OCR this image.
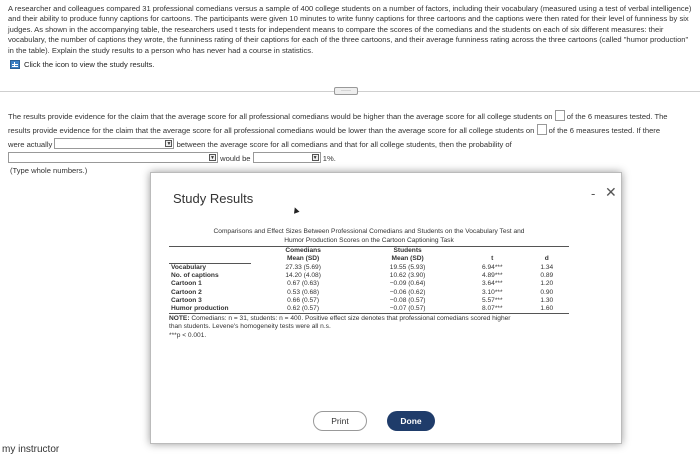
A researcher and colleagues compared 31 professional comedians versus a sample of 400 college students on a number of factors, including their vocabulary (measured using a test of verbal intelligence) and their ability to produce funny captions for cartoons. The participants were given 10 minutes to write funny captions for three cartoons and the captions were then rated for their level of funniness by six judges. As shown in the accompanying table, the researchers used t tests for independent means to compare the scores of the comedians and the students on each of six different measures: their vocabulary, the number of captions they wrote, the funniness rating of their captions for each of the three cartoons, and their average funniness rating across the three cartoons (called "humor production" in the table). Explain the study results to a person who has never had a course in statistics.
Click the icon to view the study results.
·····
The results provide evidence for the claim that the average score for all professional comedians would be higher than the average score for all college students on of the 6 measures tested. The
results provide evidence for the claim that the average score for all professional comedians would be lower than the average score for all college students on of the 6 measures tested. If there
were actually	▼ between the average score for all comedians and that for all college students, then the probability of
▼ would be	▼ 1%.
(Type whole numbers.)
my instructor
Study Results	- ✕
▲
Comparisons and Effect Sizes Between Professional Comedians and Students on the Vocabulary Test and
Humor Production Scores on the Cartoon Captioning Task
	Comedians	Students		
	Mean (SD)	Mean (SD)	t	d
Vocabulary	27.33 (5.69)	19.55 (5.93)	6.94***	1.34
No. of captions	14.20 (4.08)	10.62 (3.90)	4.89***	0.89
Cartoon 1	0.67 (0.63)	−0.09 (0.64)	3.64***	1.20
Cartoon 2	0.53 (0.68)	−0.06 (0.62)	3.10***	0.90
Cartoon 3	0.66 (0.57)	−0.08 (0.57)	5.57***	1.30
Humor production	0.62 (0.57)	−0.07 (0.57)	8.07***	1.60
NOTE: Comedians: n = 31, students: n = 400. Positive effect size denotes that professional comedians scored higher
than students. Levene's homogeneity tests were all n.s.
***p < 0.001.
Print	Done
